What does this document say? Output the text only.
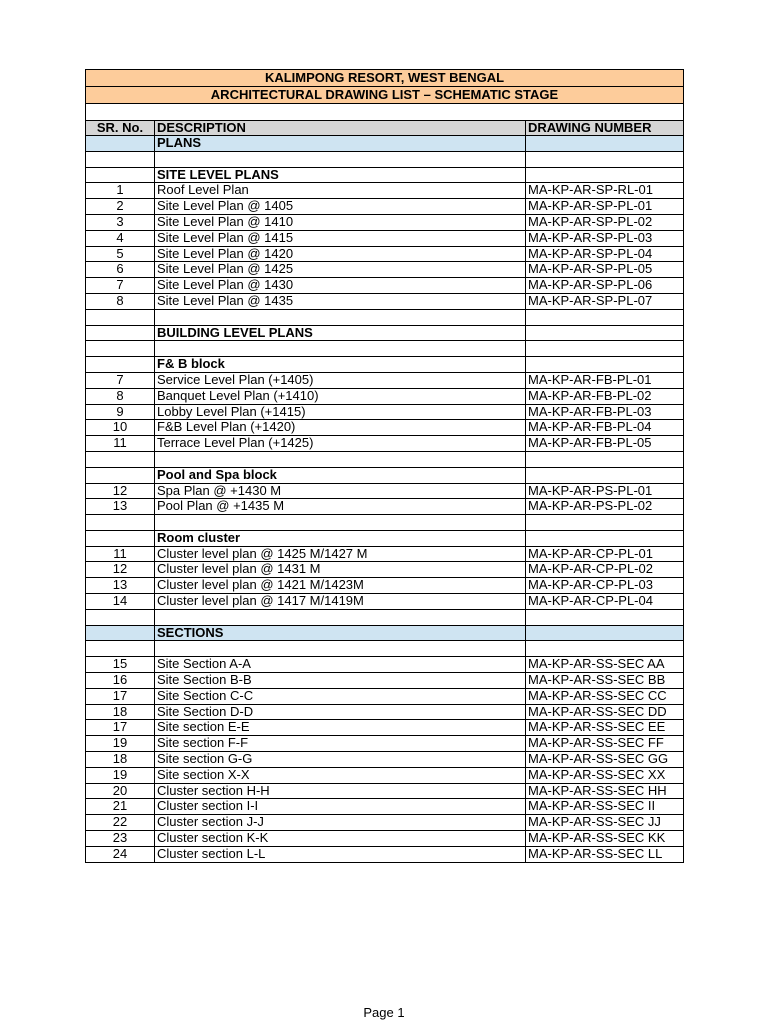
KALIMPONG RESORT, WEST BENGAL
ARCHITECTURAL DRAWING LIST – SCHEMATIC STAGE
SR. No.	DESCRIPTION	DRAWING NUMBER
PLANS
SITE LEVEL PLANS
1	Roof Level Plan	MA-KP-AR-SP-RL-01
2	Site Level Plan @ 1405	MA-KP-AR-SP-PL-01
3	Site Level Plan @ 1410	MA-KP-AR-SP-PL-02
4	Site Level Plan @ 1415	MA-KP-AR-SP-PL-03
5	Site Level Plan @ 1420	MA-KP-AR-SP-PL-04
6	Site Level Plan @ 1425	MA-KP-AR-SP-PL-05
7	Site Level Plan @ 1430	MA-KP-AR-SP-PL-06
8	Site Level Plan @ 1435	MA-KP-AR-SP-PL-07
BUILDING LEVEL PLANS
F& B block
7	Service Level Plan (+1405)	MA-KP-AR-FB-PL-01
8	Banquet Level Plan (+1410)	MA-KP-AR-FB-PL-02
9	Lobby Level Plan (+1415)	MA-KP-AR-FB-PL-03
10	F&B Level Plan (+1420)	MA-KP-AR-FB-PL-04
11	Terrace Level Plan (+1425)	MA-KP-AR-FB-PL-05
Pool and Spa block
12	Spa Plan @ +1430 M	MA-KP-AR-PS-PL-01
13	Pool Plan @ +1435 M	MA-KP-AR-PS-PL-02
Room cluster
11	Cluster level plan @ 1425 M/1427 M	MA-KP-AR-CP-PL-01
12	Cluster level plan @ 1431 M	MA-KP-AR-CP-PL-02
13	Cluster level plan @ 1421 M/1423M	MA-KP-AR-CP-PL-03
14	Cluster level plan @ 1417 M/1419M	MA-KP-AR-CP-PL-04
SECTIONS
15	Site Section A-A	MA-KP-AR-SS-SEC AA
16	Site Section B-B	MA-KP-AR-SS-SEC BB
17	Site Section C-C	MA-KP-AR-SS-SEC CC
18	Site Section D-D	MA-KP-AR-SS-SEC DD
17	Site section E-E	MA-KP-AR-SS-SEC EE
19	Site section F-F	MA-KP-AR-SS-SEC FF
18	Site section G-G	MA-KP-AR-SS-SEC GG
19	Site section X-X	MA-KP-AR-SS-SEC XX
20	Cluster section H-H	MA-KP-AR-SS-SEC HH
21	Cluster section I-I	MA-KP-AR-SS-SEC II
22	Cluster section J-J	MA-KP-AR-SS-SEC JJ
23	Cluster section K-K	MA-KP-AR-SS-SEC KK
24	Cluster section L-L	MA-KP-AR-SS-SEC LL
Page 1
